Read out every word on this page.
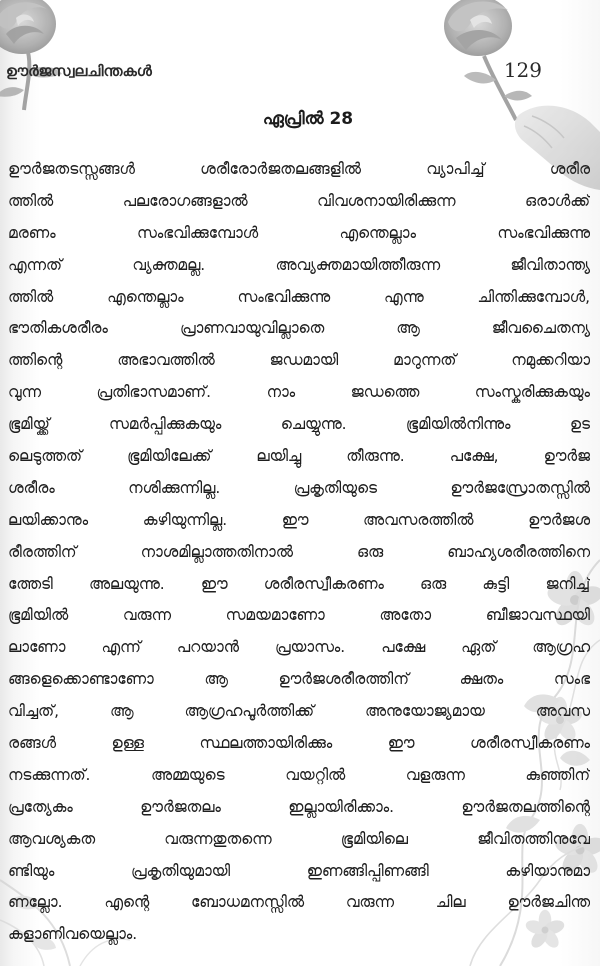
ഊർജസ്വലചിന്തകൾ	129
ഏപ്രിൽ 28
ഊർജതടസ്സങ്ങൾ ശരീരോർജതലങ്ങളിൽ വ്യാപിച്ച് ശരീര
ത്തിൽ പലരോഗങ്ങളാൽ വിവശനായിരിക്കുന്ന ഒരാൾക്ക്
മരണം സംഭവിക്കുമ്പോൾ എന്തെല്ലാം സംഭവിക്കുന്നു
എന്നത് വ്യക്തമല്ല. അവ്യക്തമായിത്തീരുന്ന ജീവിതാന്ത്യ
ത്തിൽ എന്തെല്ലാം സംഭവിക്കുന്നു എന്നു ചിന്തിക്കുമ്പോൾ,
ഭൗതികശരീരം പ്രാണവായുവില്ലാതെ ആ ജീവചൈതന്യ
ത്തിന്റെ അഭാവത്തിൽ ജഡമായി മാറുന്നത് നമുക്കറിയാ
വുന്ന പ്രതിഭാസമാണ്. നാം ജഡത്തെ സംസ്കരിക്കുകയും
ഭൂമിയ്ക്ക് സമർപ്പിക്കുകയും ചെയ്യുന്നു. ഭൂമിയിൽനിന്നും ഉട
ലെടുത്തത് ഭൂമിയിലേക്ക് ലയിച്ചു തീരുന്നു. പക്ഷേ, ഊർജ
ശരീരം നശിക്കുന്നില്ല. പ്രകൃതിയുടെ ഊർജസ്രോതസ്സിൽ
ലയിക്കാനും കഴിയുന്നില്ല. ഈ അവസരത്തിൽ ഊർജശ
രീരത്തിന് നാശമില്ലാത്തതിനാൽ ഒരു ബാഹ്യശരീരത്തിനെ
ത്തേടി അലയുന്നു. ഈ ശരീരസ്വീകരണം ഒരു കുട്ടി ജനിച്ച്
ഭൂമിയിൽ വരുന്ന സമയമാണോ അതോ ബീജാവസ്ഥയി
ലാണോ എന്ന് പറയാൻ പ്രയാസം. പക്ഷേ ഏത് ആഗ്രഹ
ങ്ങളെക്കൊണ്ടാണോ ആ ഊർജശരീരത്തിന് ക്ഷതം സംഭ
വിച്ചത്, ആ ആഗ്രഹപൂർത്തിക്ക് അനുയോജ്യമായ അവസ
രങ്ങൾ ഉള്ള സ്ഥലത്തായിരിക്കും ഈ ശരീരസ്വീകരണം
നടക്കുന്നത്. അമ്മയുടെ വയറ്റിൽ വളരുന്ന കുഞ്ഞിന്
പ്രത്യേകം ഊർജതലം ഇല്ലായിരിക്കാം. ഊർജതലത്തിന്റെ
ആവശ്യകത വരുന്നതുതന്നെ ഭൂമിയിലെ ജീവിതത്തിനുവേ
ണ്ടിയും പ്രകൃതിയുമായി ഇണങ്ങിപ്പിണങ്ങി കഴിയാനുമാ
ണല്ലോ. എന്റെ ബോധമനസ്സിൽ വരുന്ന ചില ഊർജചിന്ത
കളാണിവയെല്ലാം.
